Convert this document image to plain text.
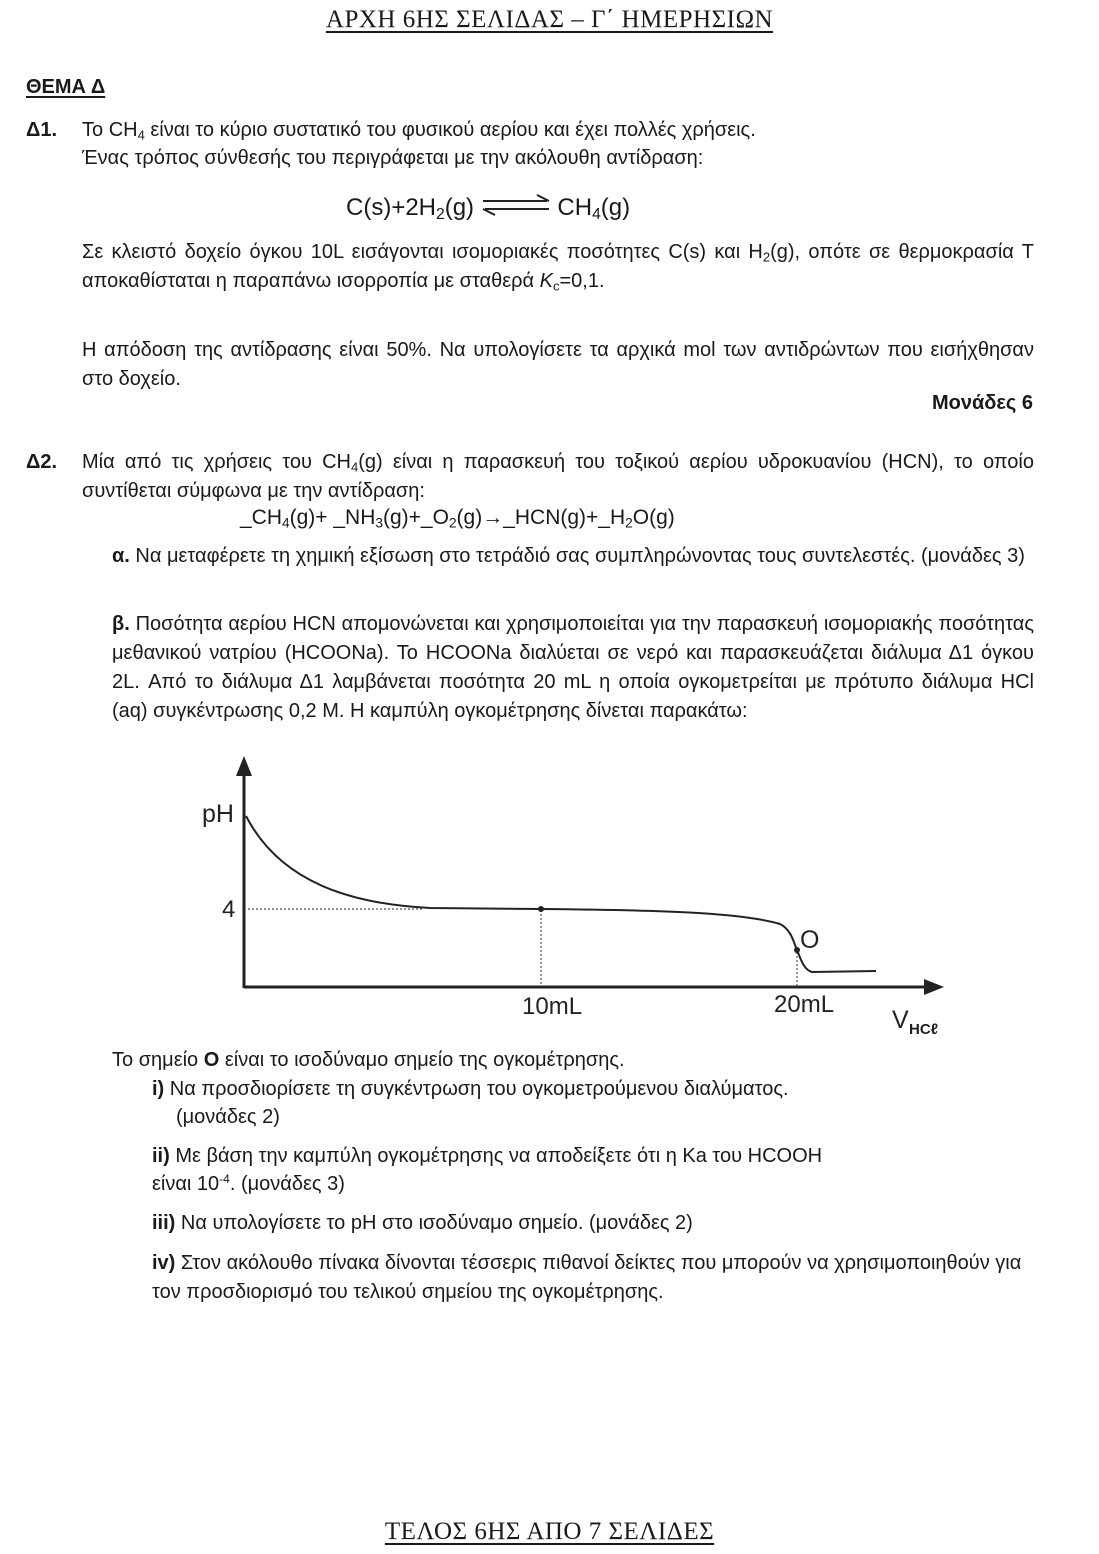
ΑΡΧΗ 6ΗΣ ΣΕΛΙΔΑΣ – Γ΄ ΗΜΕΡΗΣΙΩΝ
ΘΕΜΑ Δ
Δ1. Το $CH_4$ είναι το κύριο συστατικό του φυσικού αερίου και έχει πολλές χρήσεις.
Ένας τρόπος σύνθεσής του περιγράφεται με την ακόλουθη αντίδραση:
$C(s)+2H_2(g)$ ⇌ $CH_4(g)$
Σε κλειστό δοχείο όγκου 10L εισάγονται ισομοριακές ποσότητες C(s) και $H_2(g)$, οπότε σε θερμοκρασία Τ αποκαθίσταται η παραπάνω ισορροπία με σταθερά $K_c=0,1$.
Η απόδοση της αντίδρασης είναι 50%. Να υπολογίσετε τα αρχικά mol των αντιδρώντων που εισήχθησαν στο δοχείο.
Μονάδες 6
Δ2. Μία από τις χρήσεις του $CH_4(g)$ είναι η παρασκευή του τοξικού αερίου υδροκυανίου (HCN), το οποίο συντίθεται σύμφωνα με την αντίδραση:
$\_CH_4(g)+$ $\_NH_3(g)+\_O_2(g)\to\_HCN(g)+\_H_2O(g)$
α. Να μεταφέρετε τη χημική εξίσωση στο τετράδιό σας συμπληρώνοντας τους συντελεστές. (μονάδες 3)
β. Ποσότητα αερίου HCN απομονώνεται και χρησιμοποιείται για την παρασκευή ισομοριακής ποσότητας μεθανικού νατρίου (HCOONa). Το HCOONa διαλύεται σε νερό και παρασκευάζεται διάλυμα Δ1 όγκου 2L. Από το διάλυμα Δ1 λαμβάνεται ποσότητα 20 mL η οποία ογκομετρείται με πρότυπο διάλυμα HCl (aq) συγκέντρωσης 0,2 M. Η καμπύλη ογκομέτρησης δίνεται παρακάτω:
pH
4
10mL	20mL
O
V HCℓ
Το σημείο Ο είναι το ισοδύναμο σημείο της ογκομέτρησης.
i) Να προσδιορίσετε τη συγκέντρωση του ογκομετρούμενου διαλύματος.
(μονάδες 2)
ii) Με βάση την καμπύλη ογκομέτρησης να αποδείξετε ότι η Ka του HCOOH
είναι $10^{-4}$. (μονάδες 3)
iii) Να υπολογίσετε το pH στο ισοδύναμο σημείο. (μονάδες 2)
iv) Στον ακόλουθο πίνακα δίνονται τέσσερις πιθανοί δείκτες που μπορούν να χρησιμοποιηθούν για τον προσδιορισμό του τελικού σημείου της ογκομέτρησης.
ΤΕΛΟΣ 6ΗΣ ΑΠΟ 7 ΣΕΛΙΔΕΣ
